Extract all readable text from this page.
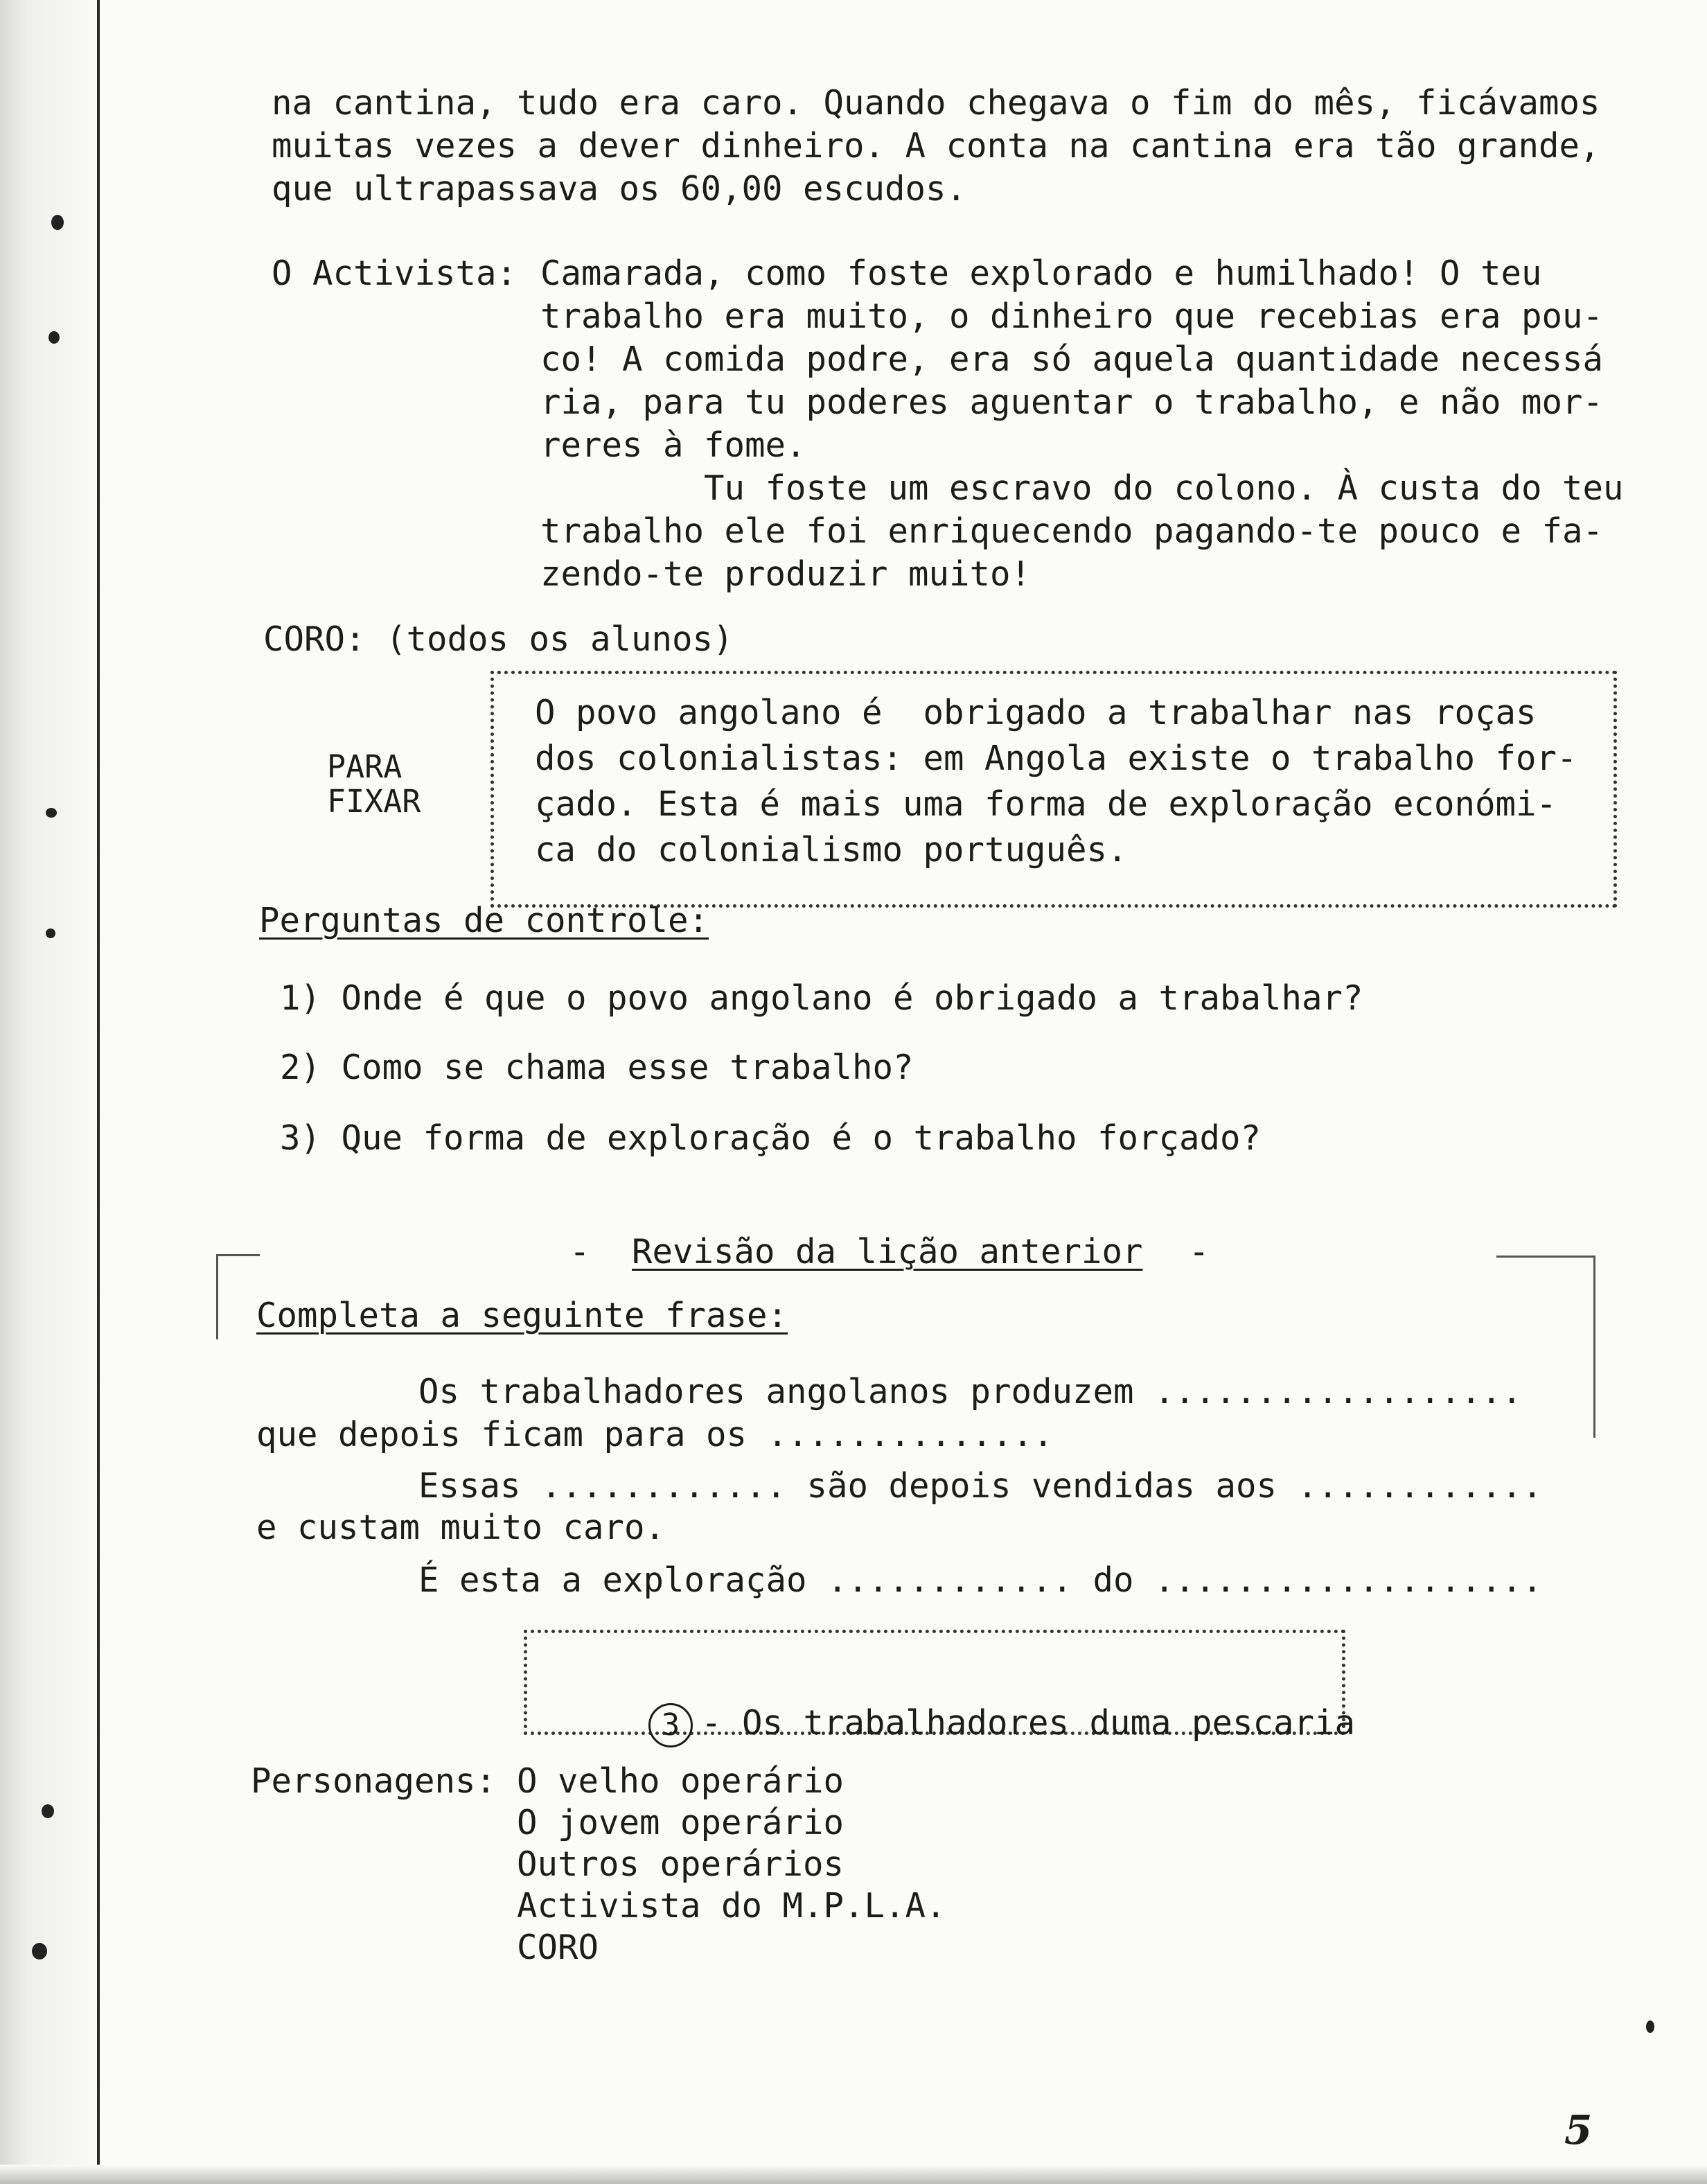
na cantina, tudo era caro. Quando chegava o fim do mês, ficávamos
muitas vezes a dever dinheiro. A conta na cantina era tão grande,
que ultrapassava os 60,00 escudos.
O Activista: Camarada, como foste explorado e humilhado! O teu
trabalho era muito, o dinheiro que recebias era pou-
co! A comida podre, era só aquela quantidade necessá
ria, para tu poderes aguentar o trabalho, e não mor-
reres à fome.
Tu foste um escravo do colono. À custa do teu
trabalho ele foi enriquecendo pagando-te pouco e fa-
zendo-te produzir muito!
CORO: (todos os alunos)
PARA
FIXAR
O povo angolano é  obrigado a trabalhar nas roças
dos colonialistas: em Angola existe o trabalho for-
çado. Esta é mais uma forma de exploração económi-
ca do colonialismo português.
Perguntas de controle:
1) Onde é que o povo angolano é obrigado a trabalhar?
2) Como se chama esse trabalho?
3) Que forma de exploração é o trabalho forçado?
- Revisão da lição anterior -
Completa a seguinte frase:
Os trabalhadores angolanos produzem ..................
que depois ficam para os ..............
Essas ............ são depois vendidas aos ............
e custam muito caro.
É esta a exploração ............ do ...................

3 - Os trabalhadores duma pescaria

Personagens: O velho operário
O jovem operário
Outros operários
Activista do M.P.L.A.
CORO
5
